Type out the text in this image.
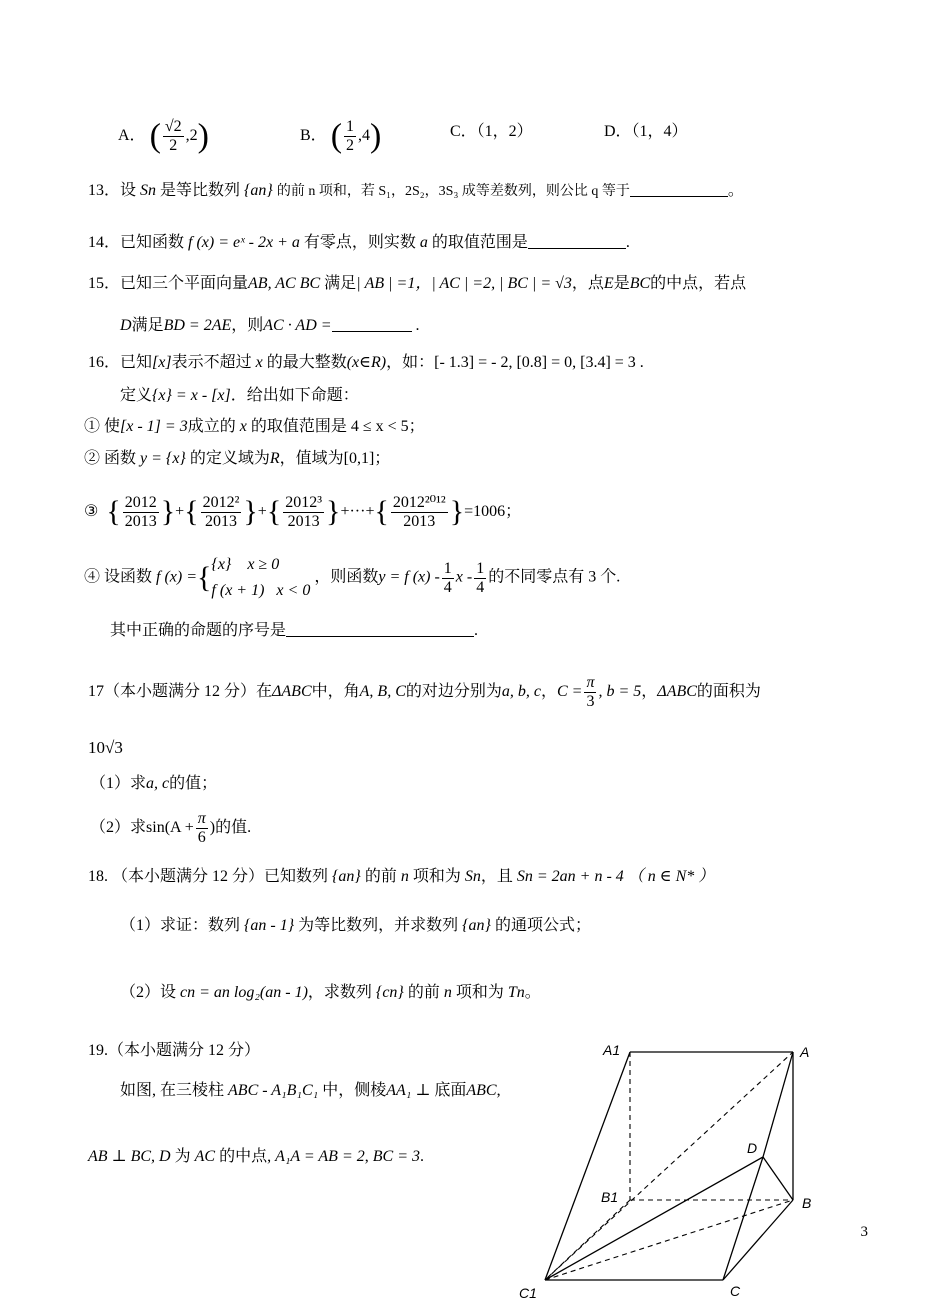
A． ( $\frac{√2}{2} ,2$)	B． ( $\frac{1}{2} ,4$)	C．（1，2）	D．（1，4）
13．设 Sn 是等比数列 {an} 的前 n 项和，若 S₁，2S₂，3S₃ 成等差数列，则公比 q 等于	。
14．已知函数 f (x) = eˣ - 2x + a 有零点，则实数 a 的取值范围是	.
15．已知三个平面向量AB, AC BC 满足| AB | =1，| AC | =2, | BC | = √3，点E是BC的中点，若点
D满足BD = 2AE，则AC · AD =	.
16．已知[x]表示不超过 x 的最大整数(x∈R)，如：[- 1.3] = - 2, [0.8] = 0, [3.4] = 3 .
定义{x} = x - [x]．给出如下命题：
① 使[x - 1] = 3成立的 x 的取值范围是 4 ≤ x < 5；
② 函数 y = {x} 的定义域为R，值域为[0,1]；
③ { $\frac{2012}{2013}$ }+{ $\frac{\text{2012²}}{2013}$ }+{ $\frac{\text{2012³}}{2013}$ }+···+{ $\frac{\text{2012²⁰¹²}}{2013} \}=1006$；
④ 设函数 f (x) ={ {x} x ≥ 0
f (x + 1) x < 0
，则函数y = f $(x) - \frac{1}{4}$ x - $\frac{1}{4}$ 的不同零点有 3 个.
其中正确的命题的序号是	.
17（本小题满分 12 分）在ΔABC中，角A, B, C的对边分别为a, b, c，$C = \frac{\pi}{3}$ , b = 5，ΔABC的面积为
10√3
（1）求a, c的值；
（2）求$\sin(A + \frac{\pi}{6}$ )的值.
18. （本小题满分 12 分）已知数列 {an} 的前 n 项和为 Sn，且 Sn = 2an + n - 4 （ n ∈ N* ）
（1）求证：数列 {an - 1} 为等比数列，并求数列 {an} 的通项公式；
（2）设 cn = an log₂(an - 1)，求数列 {cn} 的前 n 项和为 Tn。
19.（本小题满分 12 分）
如图, 在三棱柱 ABC - A₁B₁C₁ 中，侧棱AA₁ ⊥ 底面ABC,
AB ⊥ BC, D 为 AC 的中点, A₁A = AB = 2, BC = 3.
A1	A
D
B1	B
C1	C
3
